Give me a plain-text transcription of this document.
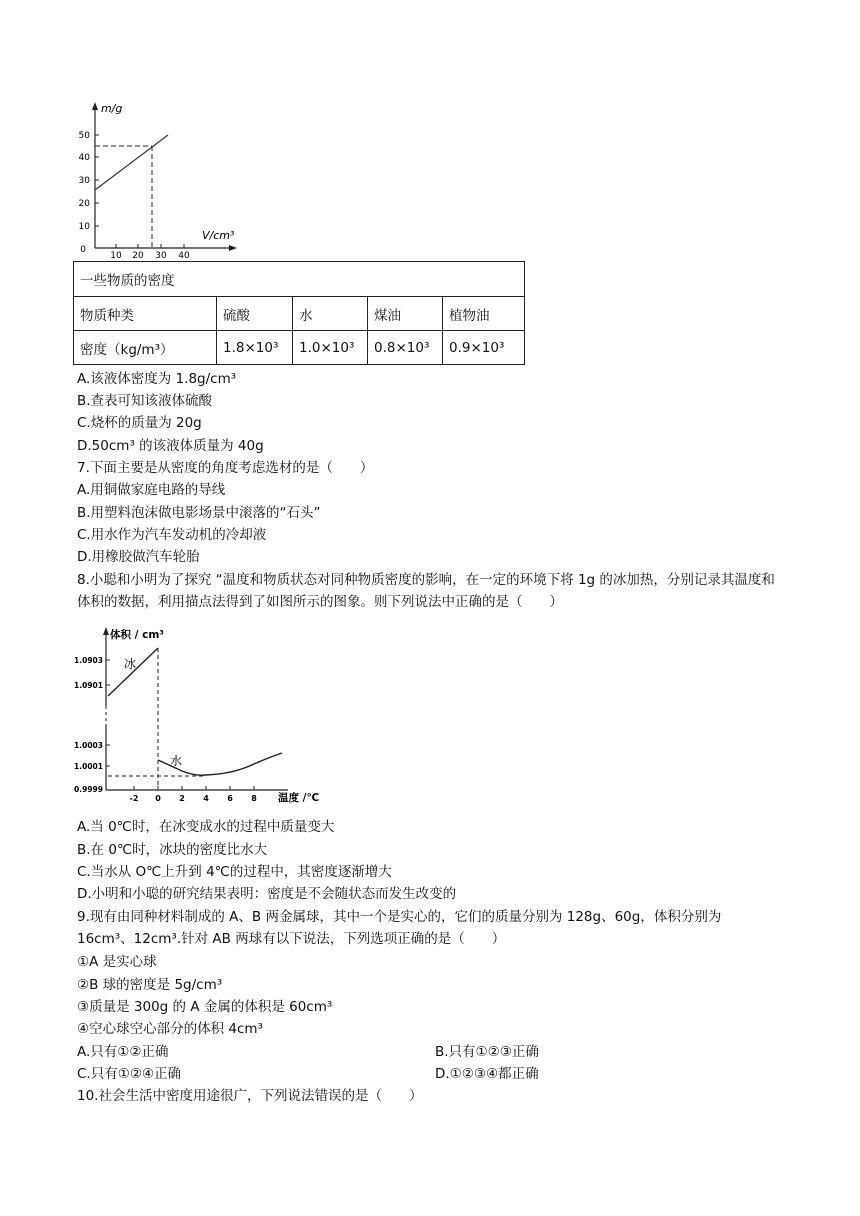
m/g
V/cm³
50
40
30
20
10
0
10 20 30 40
一些物质的密度				
物质种类	硫酸	水	煤油	植物油
密度（kg/m³）	1.8×10³	1.0×10³	0.8×10³	0.9×10³
A.该液体密度为 1.8g/cm³
B.查表可知该液体硫酸
C.烧杯的质量为 20g
D.50cm³ 的该液体质量为 40g
7.下面主要是从密度的角度考虑选材的是（　　）
A.用铜做家庭电路的导线
B.用塑料泡沫做电影场景中滚落的“石头”
C.用水作为汽车发动机的冷却液
D.用橡胶做汽车轮胎
8.小聪和小明为了探究 “温度和物质状态对同种物质密度的影响，在一定的环境下将 1g 的冰加热，分别记录其温度和体积的数据，利用描点法得到了如图所示的图象。则下列说法中正确的是（　　）
体积 / cm³
温度 /℃
冰
水
1.0903
1.0901
1.0003
1.0001
0.9999
-2 0 2 4 6 8
A.当 0℃时，在冰变成水的过程中质量变大
B.在 0℃时，冰块的密度比水大
C.当水从 O℃上升到 4℃的过程中，其密度逐渐增大
D.小明和小聪的研究结果表明：密度是不会随状态而发生改变的
9.现有由同种材料制成的 A、B 两金属球，其中一个是实心的，它们的质量分别为 128g、60g，体积分别为 16cm³、12cm³.针对 AB 两球有以下说法，下列选项正确的是（　　）
①A 是实心球
②B 球的密度是 5g/cm³
③质量是 300g 的 A 金属的体积是 60cm³
④空心球空心部分的体积 4cm³
A.只有①②正确	B.只有①②③正确
C.只有①②④正确	D.①②③④都正确
10.社会生活中密度用途很广，下列说法错误的是（　　）
